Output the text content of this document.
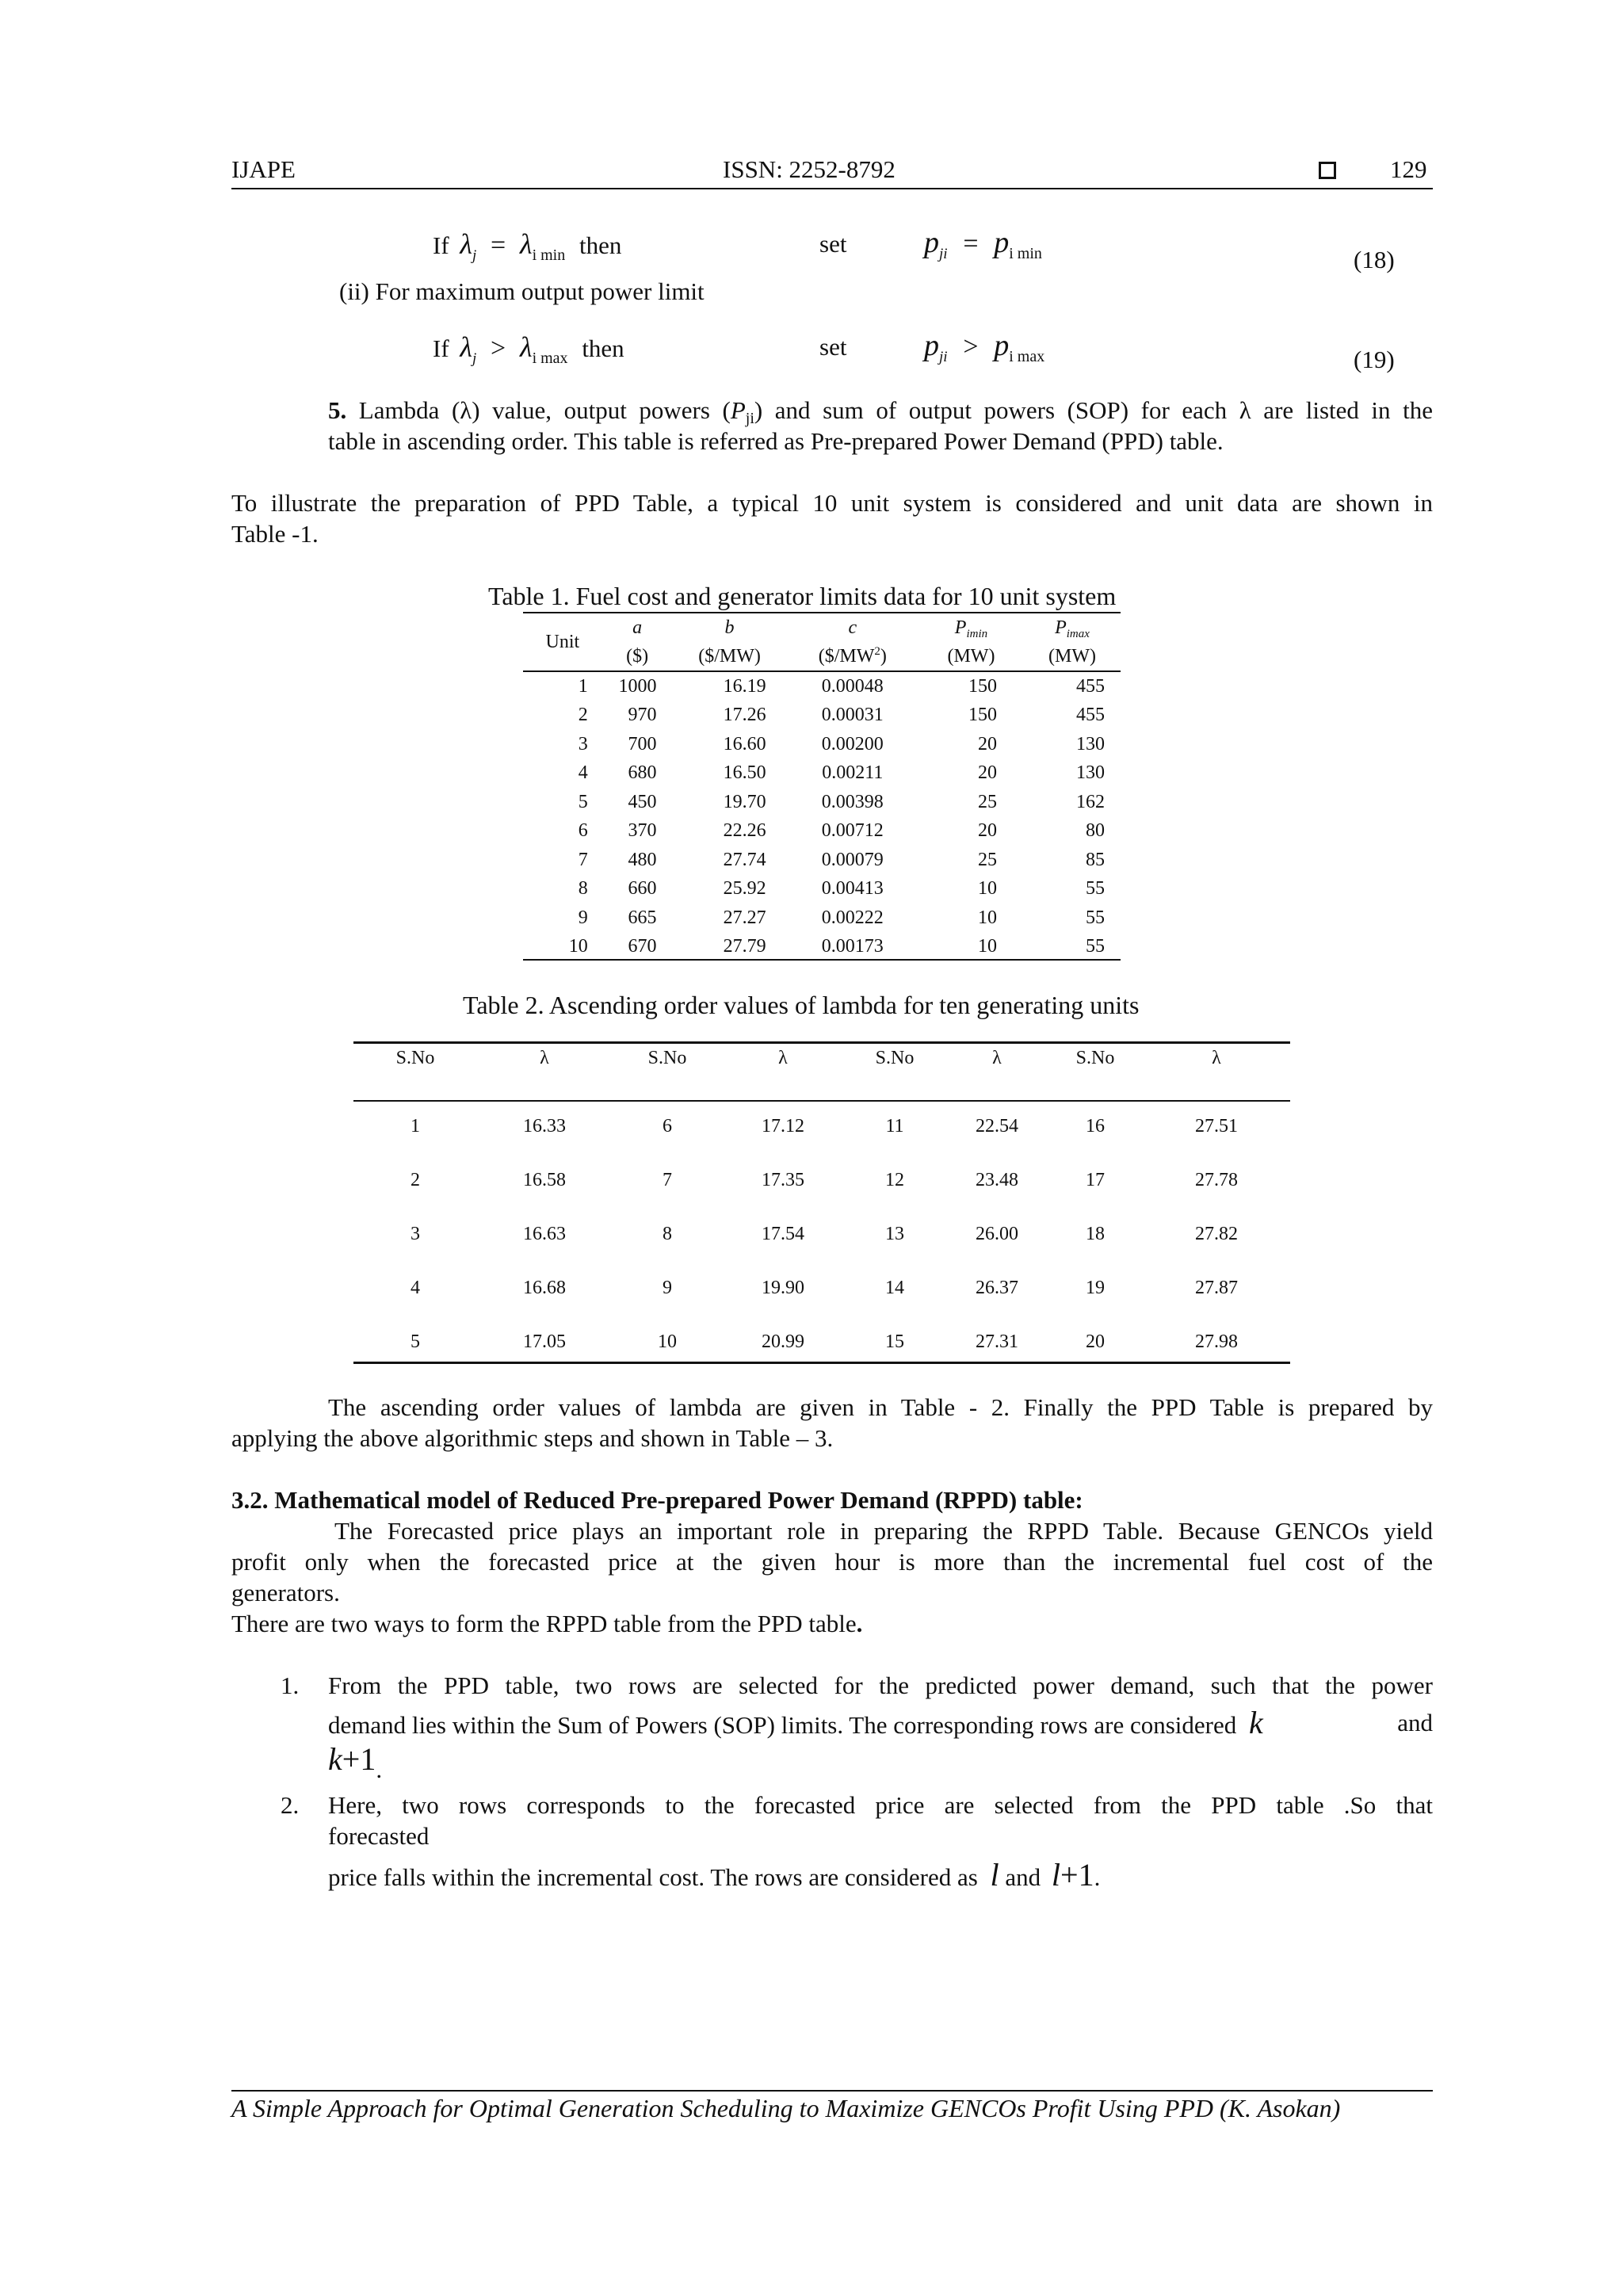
IJAPE	ISSN: 2252-8792	129
If $\lambda_j = \lambda_{i min}$ then	set	$p_{ji} = p_{i min}$	(18)
(ii) For maximum output power limit
If $\lambda_j > \lambda_{i max}$ then	set	$p_{ji} > p_{i max}$	(19)
5. Lambda (λ) value, output powers (Pji) and sum of output powers (SOP) for each λ are listed in the
table in ascending order. This table is referred as Pre-prepared Power Demand (PPD) table.
To illustrate the preparation of PPD Table, a typical 10 unit system is considered and unit data are shown in
Table -1.
Table 1. Fuel cost and generator limits data for 10 unit system
Unit	a	b	c	$P_{imin}$	$P_{imax}$
	($)	($/MW)	$(\$/MW^2)$	(MW)	(MW)
1	1000	16.19	0.00048	150	455
2	970	17.26	0.00031	150	455
3	700	16.60	0.00200	20	130
4	680	16.50	0.00211	20	130
5	450	19.70	0.00398	25	162
6	370	22.26	0.00712	20	80
7	480	27.74	0.00079	25	85
8	660	25.92	0.00413	10	55
9	665	27.27	0.00222	10	55
10	670	27.79	0.00173	10	55
Table 2. Ascending order values of lambda for ten generating units
S.No	λ	S.No	λ	S.No	λ	S.No	λ
1	16.33	6	17.12	11	22.54	16	27.51
2	16.58	7	17.35	12	23.48	17	27.78
3	16.63	8	17.54	13	26.00	18	27.82
4	16.68	9	19.90	14	26.37	19	27.87
5	17.05	10	20.99	15	27.31	20	27.98
The ascending order values of lambda are given in Table - 2. Finally the PPD Table is prepared by
applying the above algorithmic steps and shown in Table – 3.
3.2. Mathematical model of Reduced Pre-prepared Power Demand (RPPD) table:
The Forecasted price plays an important role in preparing the RPPD Table. Because GENCOs yield
profit only when the forecasted price at the given hour is more than the incremental fuel cost of the
generators.
There are two ways to form the RPPD table from the PPD table.
1. From the PPD table, two rows are selected for the predicted power demand, such that the power
demand lies within the Sum of Powers (SOP) limits. The corresponding rows are considered k	and
k+1.
2. Here, two rows corresponds to the forecasted price are selected from the PPD table .So that
forecasted
price falls within the incremental cost. The rows are considered as l and l+1.
A Simple Approach for Optimal Generation Scheduling to Maximize GENCOs Profit Using PPD (K. Asokan)
